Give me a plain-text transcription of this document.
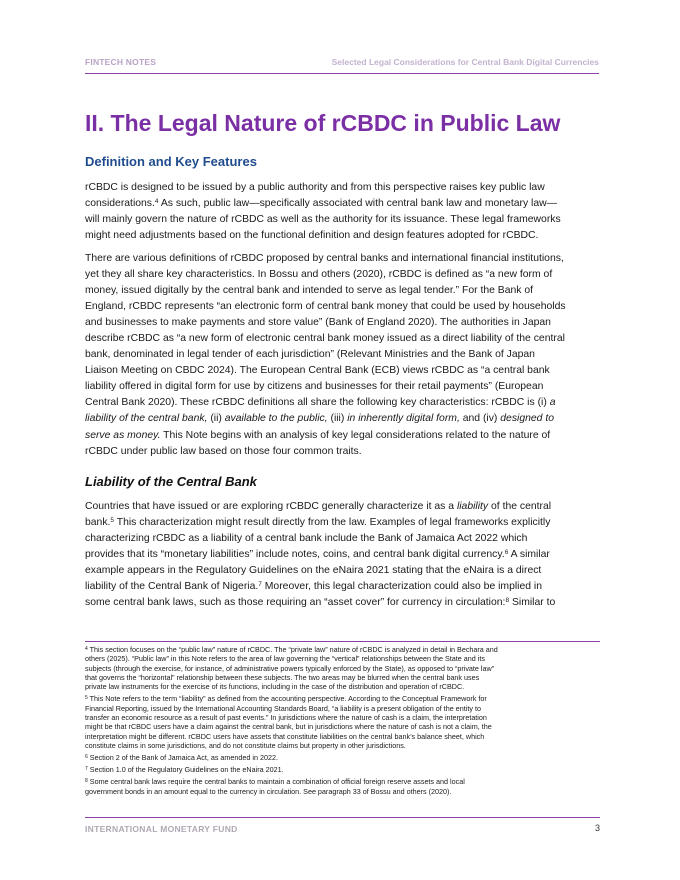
FINTECH NOTES	Selected Legal Considerations for Central Bank Digital Currencies
II. The Legal Nature of rCBDC in Public Law
Definition and Key Features
rCBDC is designed to be issued by a public authority and from this perspective raises key public law
considerations.$^4$ As such, public law—specifically associated with central bank law and monetary law—
will mainly govern the nature of rCBDC as well as the authority for its issuance. These legal frameworks
might need adjustments based on the functional definition and design features adopted for rCBDC.
There are various definitions of rCBDC proposed by central banks and international financial institutions,
yet they all share key characteristics. In Bossu and others (2020), rCBDC is defined as “a new form of
money, issued digitally by the central bank and intended to serve as legal tender.” For the Bank of
England, rCBDC represents “an electronic form of central bank money that could be used by households
and businesses to make payments and store value” (Bank of England 2020). The authorities in Japan
describe rCBDC as “a new form of electronic central bank money issued as a direct liability of the central
bank, denominated in legal tender of each jurisdiction” (Relevant Ministries and the Bank of Japan
Liaison Meeting on CBDC 2024). The European Central Bank (ECB) views rCBDC as “a central bank
liability offered in digital form for use by citizens and businesses for their retail payments” (European
Central Bank 2020). These rCBDC definitions all share the following key characteristics: rCBDC is (i) a
liability of the central bank, (ii) available to the public, (iii) in inherently digital form, and (iv) designed to
serve as money. This Note begins with an analysis of key legal considerations related to the nature of
rCBDC under public law based on those four common traits.
Liability of the Central Bank
Countries that have issued or are exploring rCBDC generally characterize it as a liability of the central
bank.$^5$ This characterization might result directly from the law. Examples of legal frameworks explicitly
characterizing rCBDC as a liability of a central bank include the Bank of Jamaica Act 2022 which
provides that its “monetary liabilities” include notes, coins, and central bank digital currency.$^6$ A similar
example appears in the Regulatory Guidelines on the eNaira 2021 stating that the eNaira is a direct
liability of the Central Bank of Nigeria.$^7$ Moreover, this legal characterization could also be implied in
some central bank laws, such as those requiring an “asset cover” for currency in circulation:$^8$ Similar to
$^4$ This section focuses on the “public law” nature of rCBDC. The “private law” nature of rCBDC is analyzed in detail in Bechara and
others (2025). “Public law” in this Note refers to the area of law governing the “vertical” relationships between the State and its
subjects (through the exercise, for instance, of administrative powers typically enforced by the State), as opposed to “private law”
that governs the “horizontal” relationship between these subjects. The two areas may be blurred when the central bank uses
private law instruments for the exercise of its functions, including in the case of the distribution and operation of rCBDC.
$^5$ This Note refers to the term “liability” as defined from the accounting perspective. According to the Conceptual Framework for
Financial Reporting, issued by the International Accounting Standards Board, “a liability is a present obligation of the entity to
transfer an economic resource as a result of past events.” In jurisdictions where the nature of cash is a claim, the interpretation
might be that rCBDC users have a claim against the central bank, but in jurisdictions where the nature of cash is not a claim, the
interpretation might be different. rCBDC users have assets that constitute liabilities on the central bank’s balance sheet, which
constitute claims in some jurisdictions, and do not constitute claims but property in other jurisdictions.
$^6$ Section 2 of the Bank of Jamaica Act, as amended in 2022.
$^7$ Section 1.0 of the Regulatory Guidelines on the eNaira 2021.
$^8$ Some central bank laws require the central banks to maintain a combination of official foreign reserve assets and local
government bonds in an amount equal to the currency in circulation. See paragraph 33 of Bossu and others (2020).
INTERNATIONAL MONETARY FUND	3
